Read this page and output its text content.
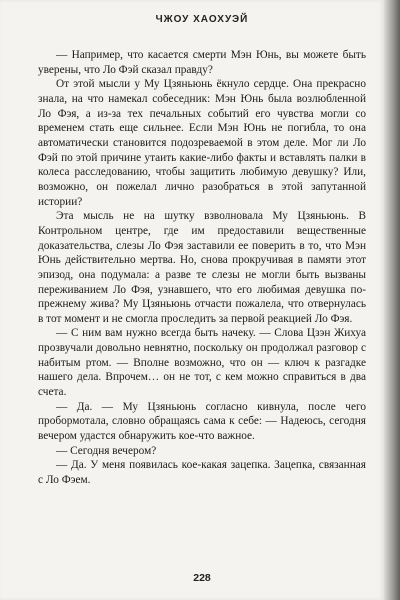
ЧЖОУ ХАОХУЭЙ

— Например, что касается смерти Мэн Юнь, вы можете быть уверены, что Ло Фэй сказал правду?

От этой мысли у Му Цзяньюнь ёкнуло сердце. Она прекрасно знала, на что намекал собеседник: Мэн Юнь была возлюбленной Ло Фэя, а из-за тех печальных событий его чувства могли со временем стать еще сильнее. Если Мэн Юнь не погибла, то она автоматически становится подозреваемой в этом деле. Мог ли Ло Фэй по этой причине утаить какие-либо факты и вставлять палки в колеса расследованию, чтобы защитить любимую девушку? Или, возможно, он пожелал лично разобраться в этой запутанной истории?

Эта мысль не на шутку взволновала Му Цзяньюнь. В Контрольном центре, где им предоставили вещественные доказательства, слезы Ло Фэя заставили ее поверить в то, что Мэн Юнь действительно мертва. Но, снова прокручивая в памяти этот эпизод, она подумала: а разве те слезы не могли быть вызваны переживанием Ло Фэя, узнавшего, что его любимая девушка по-прежнему жива? Му Цзяньюнь отчасти пожалела, что отвернулась в тот момент и не смогла проследить за первой реакцией Ло Фэя.

— С ним вам нужно всегда быть начеку. — Слова Цзэн Жихуа прозвучали довольно невнятно, поскольку он продолжал разговор с набитым ртом. — Вполне возможно, что он — ключ к разгадке нашего дела. Впрочем… он не тот, с кем можно справиться в два счета.

— Да. — Му Цзяньюнь согласно кивнула, после чего пробормотала, словно обращаясь сама к себе: — Надеюсь, сегодня вечером удастся обнаружить кое-что важное.

— Сегодня вечером?

— Да. У меня появилась кое-какая зацепка. Зацепка, связанная с Ло Фэем.

228
